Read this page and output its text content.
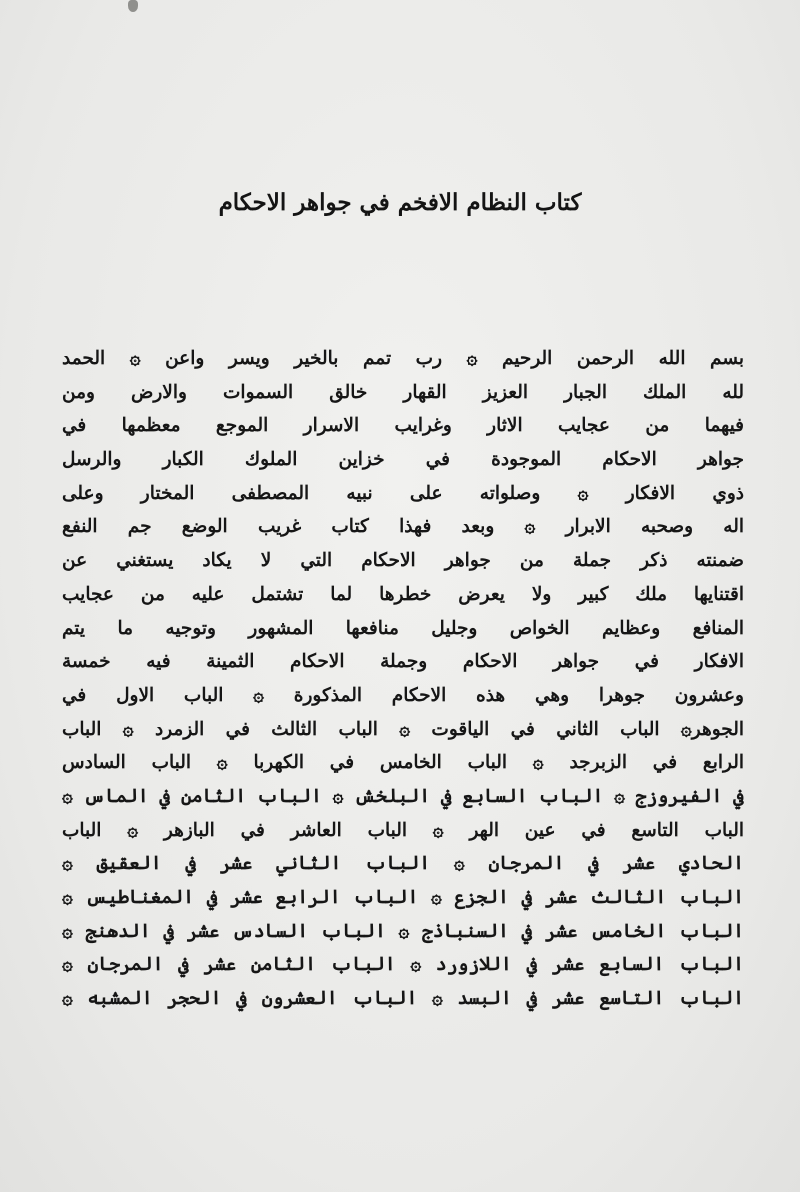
كتاب النظام الافخم في جواهر الاحكام
بسم الله الرحمن الرحيم ۞ رب تمم بالخير ويسر واعن ۞ الحمد
لله الملك الجبار العزيز القهار خالق السموات والارض ومن
فيهما من عجايب الاثار وغرايب الاسرار الموجع معظمها في
جواهر الاحكام الموجودة في خزاين الملوك الكبار والرسل
ذوي الافكار ۞ وصلواته على نبيه المصطفى المختار وعلى
اله وصحبه الابرار ۞ وبعد فهذا كتاب غريب الوضع جم النفع
ضمنته ذكر جملة من جواهر الاحكام التي لا يكاد يستغني عن
اقتنايها ملك كبير ولا يعرض خطرها لما تشتمل عليه من عجايب
المنافع وعظايم الخواص وجليل منافعها المشهور وتوجيه ما يتم
الافكار في جواهر الاحكام وجملة الاحكام الثمينة فيه خمسة
وعشرون جوهرا وهي هذه الاحكام المذكورة ۞ الباب الاول في
الجوهر۞ الباب الثاني في الياقوت ۞ الباب الثالث في الزمرد ۞ الباب
الرابع في الزبرجد ۞ الباب الخامس في الكهربا ۞ الباب السادس
في الفيروزج ۞ الباب السابع في البلخش ۞ الباب الثامن في الماس ۞
الباب التاسع في عين الهر ۞ الباب العاشر في البازهر ۞ الباب
الحادي عشر في المرجان ۞ الباب الثاني عشر في العقيق ۞
الباب الثالث عشر في الجزع ۞ الباب الرابع عشر في المغناطيس ۞
الباب الخامس عشر في السنباذج ۞ الباب السادس عشر في الدهنج ۞
الباب السابع عشر في اللازورد ۞ الباب الثامن عشر في المرجان ۞
الباب التاسع عشر في البسد ۞ الباب العشرون في الحجر المشبه ۞
